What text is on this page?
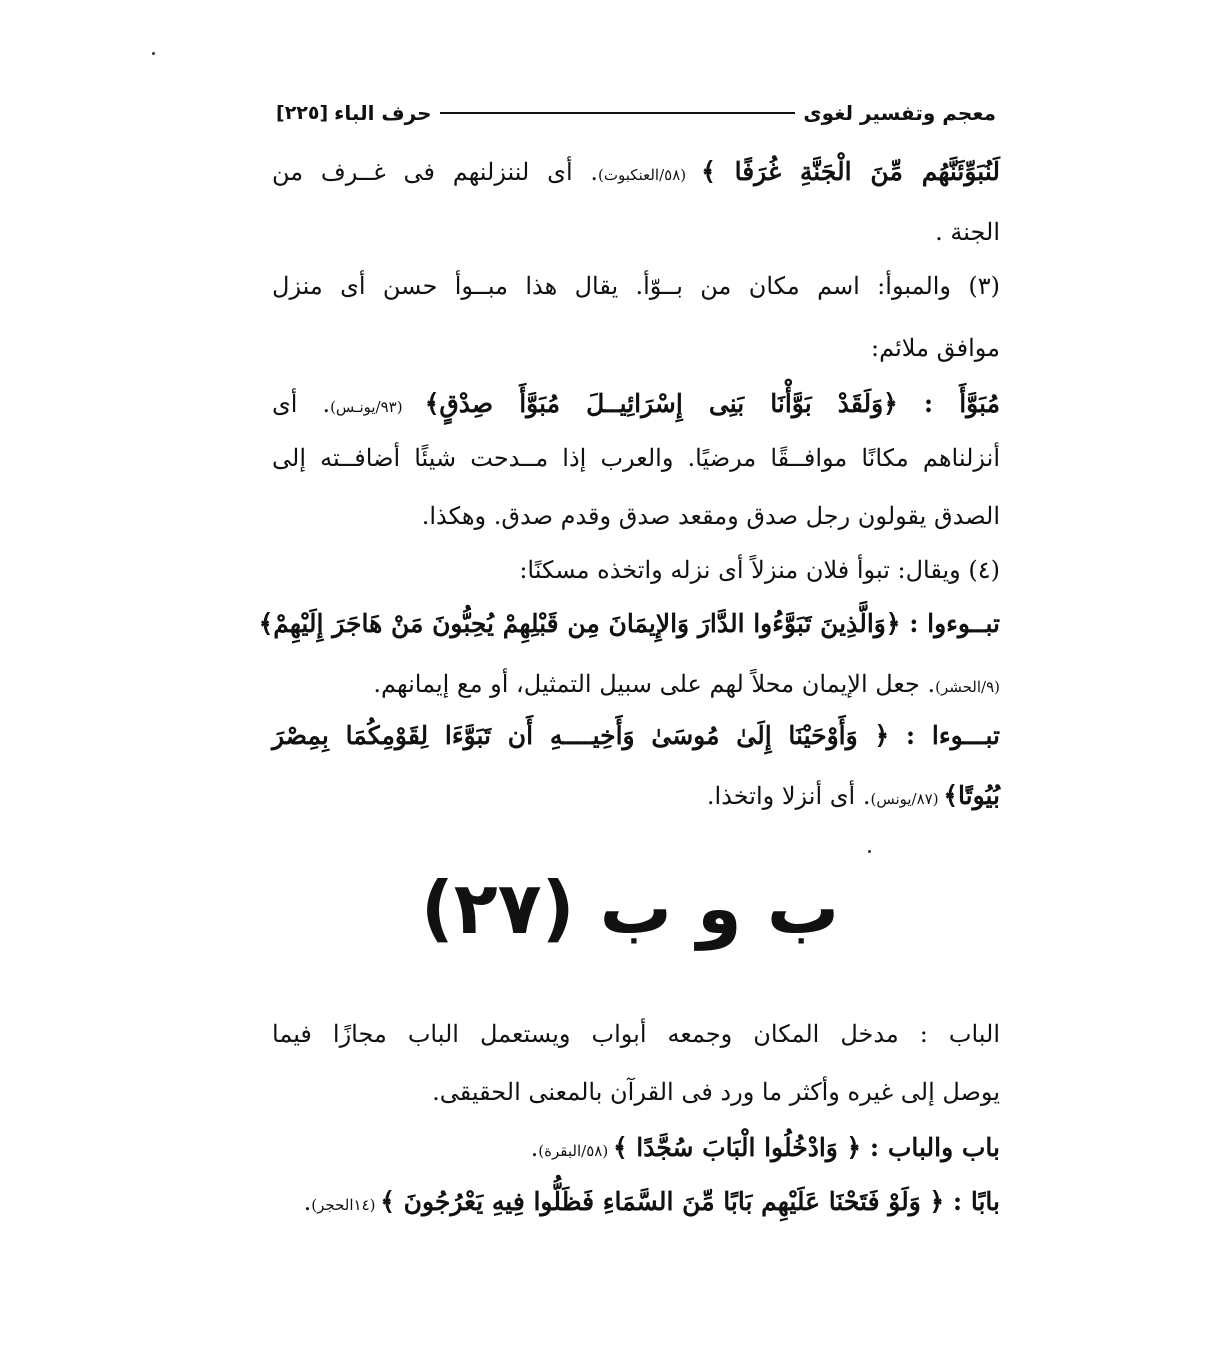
معجم وتفسير لغوى
حرف الباء
[٢٢٥]
لَنُبَوِّئَنَّهُم مِّنَ الْجَنَّةِ غُرَفًا ﴾ (٥٨/العنكبوت). أى لننزلنهم فى غــرف من
الجنة .
(٣) والمبوأ: اسم مكان من بــوّأ. يقال هذا مبــوأ حسن أى منزل
موافق ملائم:
مُبَوَّأَ : ﴿وَلَقَدْ بَوَّأْنَا بَنِى إِسْرَائِيــلَ مُبَوَّأَ صِدْقٍ﴾ (٩٣/يونـس). أى
أنزلناهم مكانًا موافــقًا مرضيًا. والعرب إذا مــدحت شيئًا أضافــته إلى
الصدق يقولون رجل صدق ومقعد صدق وقدم صدق. وهكذا.
(٤) ويقال: تبوأ فلان منزلاً أى نزله واتخذه مسكنًا:
تبــوءوا : ﴿وَالَّذِينَ تَبَوَّءُوا الدَّارَ وَالإِيمَانَ مِن قَبْلِهِمْ يُحِبُّونَ مَنْ هَاجَرَ إِلَيْهِمْ﴾
(٩/الحشر). جعل الإيمان محلاً لهم على سبيل التمثيل، أو مع إيمانهم.
تبـــوءا : ﴿ وَأَوْحَيْنَا إِلَىٰ مُوسَىٰ وَأَخِيــــهِ أَن تَبَوَّءَا لِقَوْمِكُمَا بِمِصْرَ
بُيُوتًا﴾ (٨٧/يونس). أى أنزلا واتخذا.
ب و ب (٢٧)
الباب : مدخل المكان وجمعه أبواب ويستعمل الباب مجازًا فيما
يوصل إلى غيره وأكثر ما ورد فى القرآن بالمعنى الحقيقى.
باب والباب : ﴿ وَادْخُلُوا الْبَابَ سُجَّدًا ﴾ (٥٨/البقرة).
بابًا : ﴿ وَلَوْ فَتَحْنَا عَلَيْهِم بَابًا مِّنَ السَّمَاءِ فَظَلُّوا فِيهِ يَعْرُجُونَ ﴾ (١٤الحجر).
